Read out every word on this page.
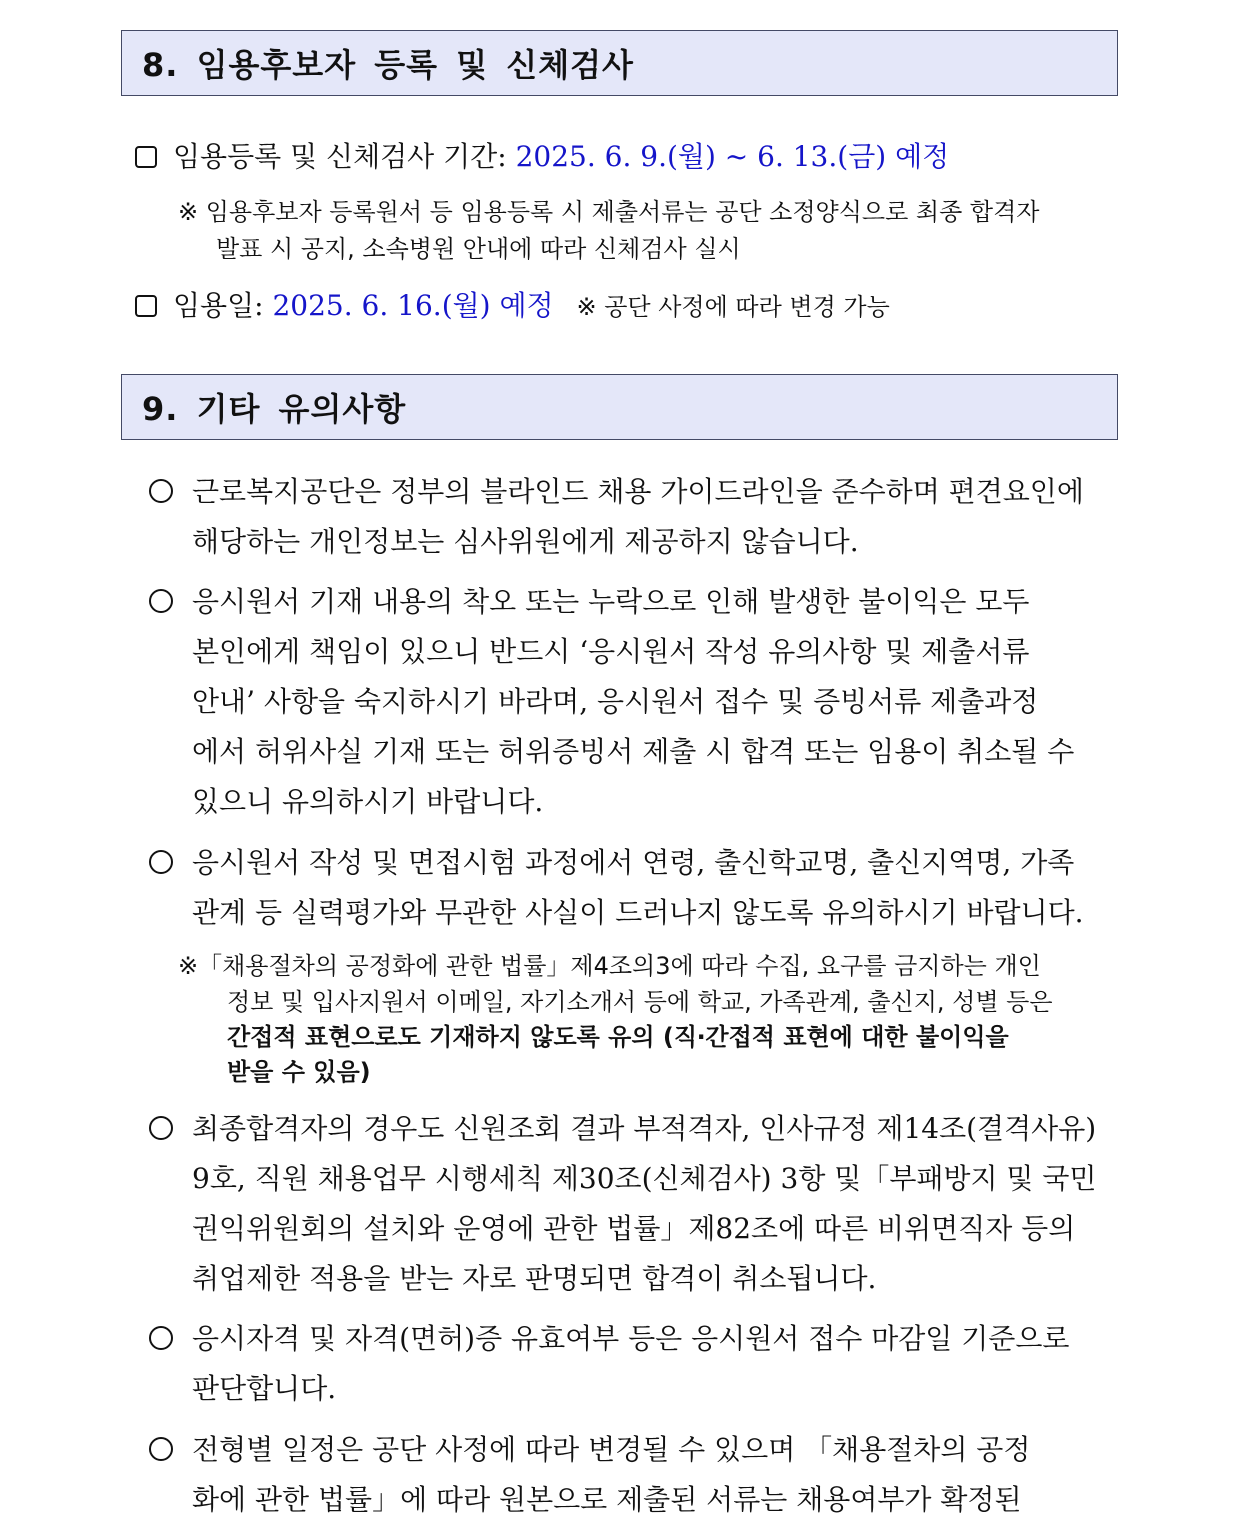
8. 임용후보자 등록 및 신체검사
임용등록 및 신체검사 기간: 2025. 6. 9.(월) ~ 6. 13.(금) 예정
※ 임용후보자 등록원서 등 임용등록 시 제출서류는 공단 소정양식으로 최종 합격자
발표 시 공지, 소속병원 안내에 따라 신체검사 실시
임용일: 2025. 6. 16.(월) 예정 ※ 공단 사정에 따라 변경 가능
9. 기타 유의사항
근로복지공단은 정부의 블라인드 채용 가이드라인을 준수하며 편견요인에
해당하는 개인정보는 심사위원에게 제공하지 않습니다.
응시원서 기재 내용의 착오 또는 누락으로 인해 발생한 불이익은 모두
본인에게 책임이 있으니 반드시 ‘응시원서 작성 유의사항 및 제출서류
안내’ 사항을 숙지하시기 바라며, 응시원서 접수 및 증빙서류 제출과정
에서 허위사실 기재 또는 허위증빙서 제출 시 합격 또는 임용이 취소될 수
있으니 유의하시기 바랍니다.
응시원서 작성 및 면접시험 과정에서 연령, 출신학교명, 출신지역명, 가족
관계 등 실력평가와 무관한 사실이 드러나지 않도록 유의하시기 바랍니다.
※「채용절차의 공정화에 관한 법률」제4조의3에 따라 수집, 요구를 금지하는 개인
정보 및 입사지원서 이메일, 자기소개서 등에 학교, 가족관계, 출신지, 성별 등은
간접적 표현으로도 기재하지 않도록 유의 (직‧간접적 표현에 대한 불이익을
받을 수 있음)
최종합격자의 경우도 신원조회 결과 부적격자, 인사규정 제14조(결격사유)
9호, 직원 채용업무 시행세칙 제30조(신체검사) 3항 및「부패방지 및 국민
권익위원회의 설치와 운영에 관한 법률」제82조에 따른 비위면직자 등의
취업제한 적용을 받는 자로 판명되면 합격이 취소됩니다.
응시자격 및 자격(면허)증 유효여부 등은 응시원서 접수 마감일 기준으로
판단합니다.
전형별 일정은 공단 사정에 따라 변경될 수 있으며 「채용절차의 공정
화에 관한 법률」에 따라 원본으로 제출된 서류는 채용여부가 확정된
